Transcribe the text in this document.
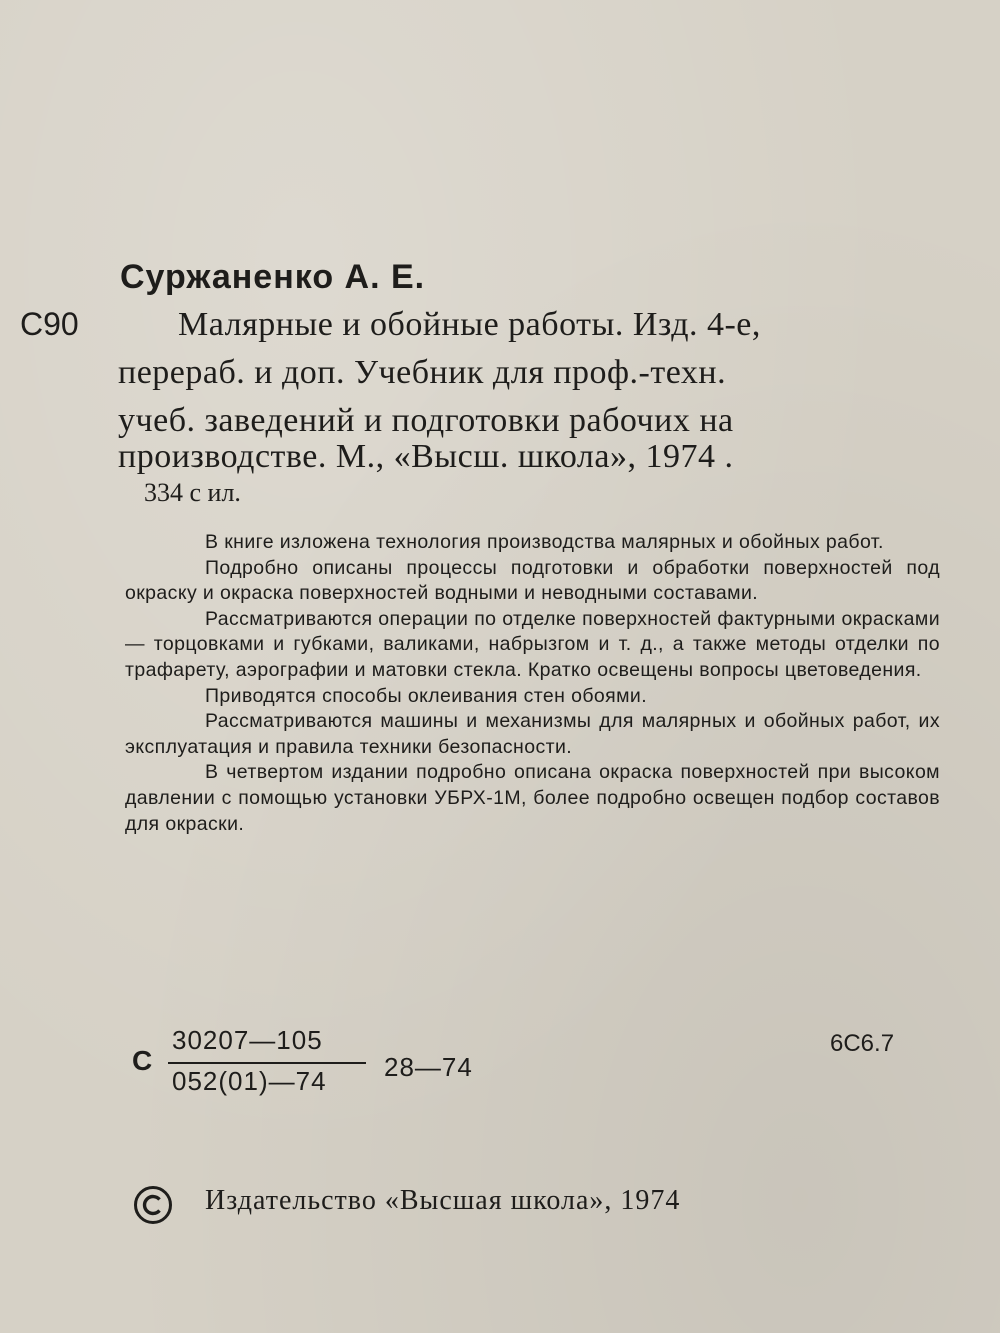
Суржаненко А. Е.
С90	Малярные и обойные работы. Изд. 4-е,
перераб. и доп. Учебник для проф.-техн.
учеб. заведений и подготовки рабочих на
производстве. М., «Высш. школа», 1974 .
334 с ил.

В книге изложена технология производства малярных и обойных работ.

Подробно описаны процессы подготовки и обработки поверхностей под окраску и окраска поверхностей водными и неводными составами.

Рассматриваются операции по отделке поверхностей фактурными окрасками — торцовками и губками, валиками, набрызгом и т. д., а также методы отделки по трафарету, аэрографии и матовки стекла. Кратко освещены вопросы цветоведения.

Приводятся способы оклеивания стен обоями.

Рассматриваются машины и механизмы для малярных и обойных работ, их эксплуатация и правила техники безопасности.

В четвертом издании подробно описана окраска поверхностей при высоком давлении с помощью установки УБРХ-1М, более подробно освещен подбор составов для окраски.

С
30207—105
052(01)—74 28—74
6С6.7
Издательство «Высшая школа», 1974
